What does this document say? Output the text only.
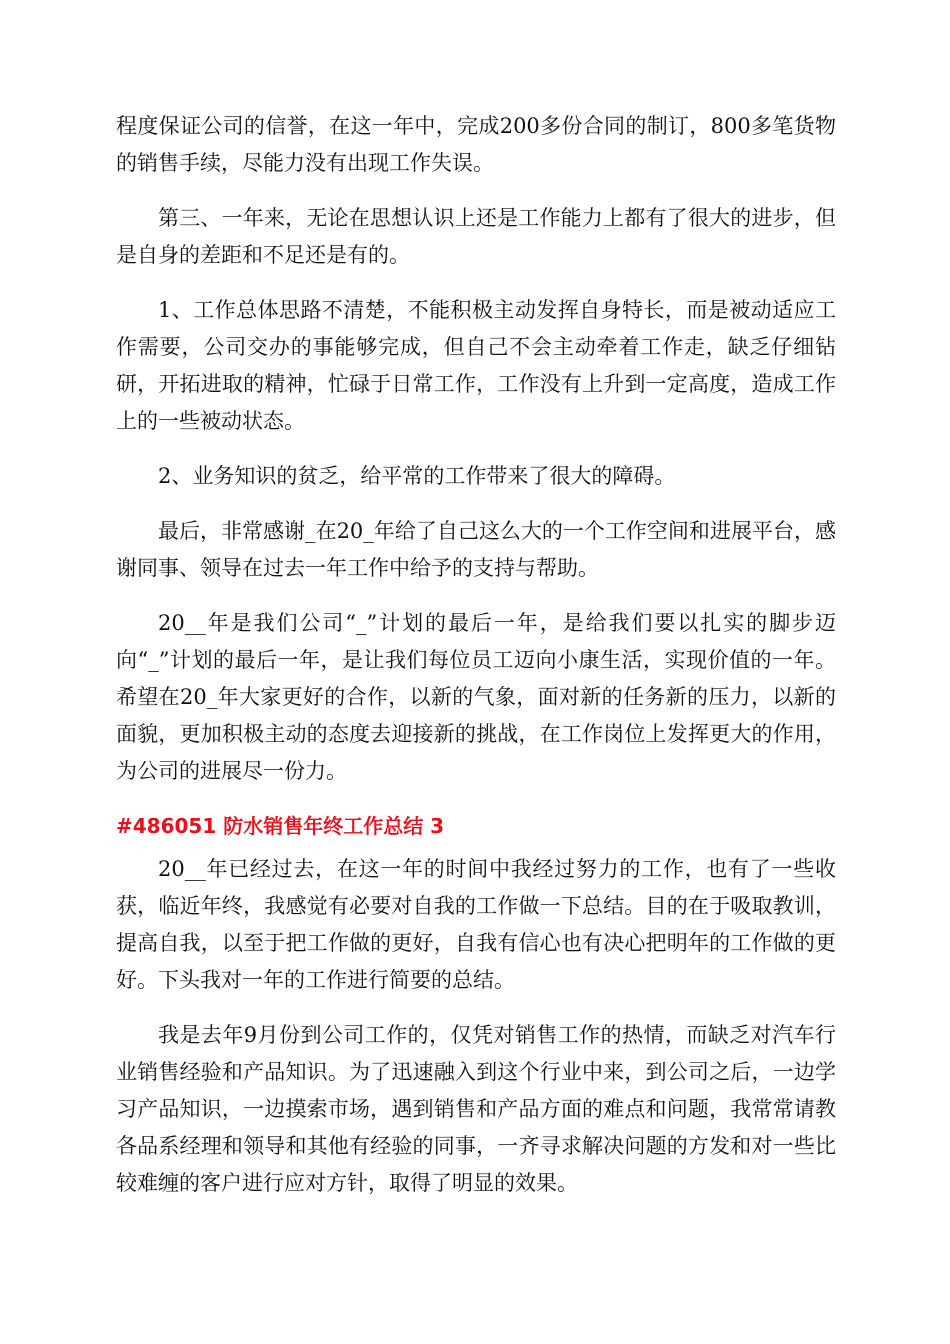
程度保证公司的信誉，在这一年中，完成200多份合同的制订，800多笔货物的销售手续，尽能力没有出现工作失误。

第三、一年来，无论在思想认识上还是工作能力上都有了很大的进步，但是自身的差距和不足还是有的。

1、工作总体思路不清楚，不能积极主动发挥自身特长，而是被动适应工作需要，公司交办的事能够完成，但自己不会主动牵着工作走，缺乏仔细钻研，开拓进取的精神，忙碌于日常工作，工作没有上升到一定高度，造成工作上的一些被动状态。

2、业务知识的贫乏，给平常的工作带来了很大的障碍。

最后，非常感谢_在20_年给了自己这么大的一个工作空间和进展平台，感谢同事、领导在过去一年工作中给予的支持与帮助。

20__年是我们公司“_”计划的最后一年，是给我们要以扎实的脚步迈向“_”计划的最后一年，是让我们每位员工迈向小康生活，实现价值的一年。希望在20_年大家更好的合作，以新的气象，面对新的任务新的压力，以新的面貌，更加积极主动的态度去迎接新的挑战，在工作岗位上发挥更大的作用，为公司的进展尽一份力。

#486051 防水销售年终工作总结 3

20__年已经过去，在这一年的时间中我经过努力的工作，也有了一些收获，临近年终，我感觉有必要对自我的工作做一下总结。目的在于吸取教训，提高自我，以至于把工作做的更好，自我有信心也有决心把明年的工作做的更好。下头我对一年的工作进行简要的总结。

我是去年9月份到公司工作的，仅凭对销售工作的热情，而缺乏对汽车行业销售经验和产品知识。为了迅速融入到这个行业中来，到公司之后，一边学习产品知识，一边摸索市场，遇到销售和产品方面的难点和问题，我常常请教各品系经理和领导和其他有经验的同事，一齐寻求解决问题的方发和对一些比较难缠的客户进行应对方针，取得了明显的效果。
